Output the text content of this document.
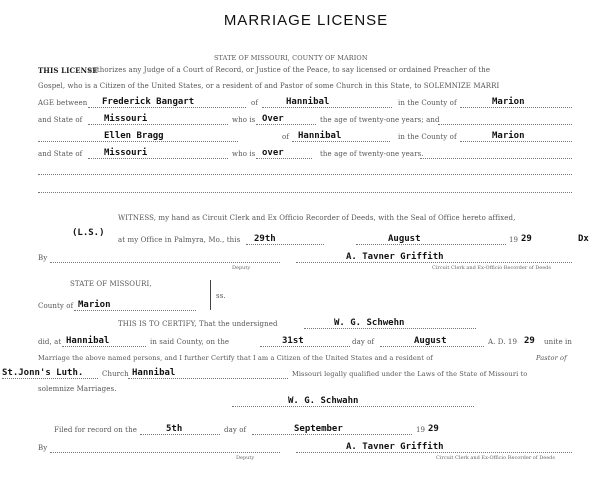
MARRIAGE LICENSE
STATE OF MISSOURI, COUNTY OF MARION
THIS LICENSE
authorizes any Judge of a Court of Record, or Justice of the Peace, to say licensed or ordained Preacher of the
Gospel, who is a Citizen of the United States, or a resident of and Pastor of some Church in this State, to SOLEMNIZE MARRI
AGE between Frederick Bangart	of	Hannibal	in the County of	Marion
and State of Missouri	who is Over	the age of twenty-one years; and
Ellen Bragg	of Hannibal	in the County of	Marion
and State of Missouri	who is over	the age of twenty-one years.
WITNESS, my hand as Circuit Clerk and Ex Officio Recorder of Deeds, with the Seal of Office hereto affixed,
(L.S.)
at my Office in Palmyra, Mo., this 29th	August	19 29	Dx
By
Deputy
A. Tavner Griffith
Circuit Clerk and Ex-Officio Recorder of Deeds
STATE OF MISSOURI,
ss.
County of Marion
THIS IS TO CERTIFY, That the undersigned	W. G. Schwehn
did, at Hannibal	in said County, on the	31st	day of	August	A. D. 19 29 unite in
Marriage the above named persons, and I further Certify that I am a Citizen of the United States and a resident of	Pastor of
St.Jonn's Luth.	Church Hannibal	Missouri legally qualified under the Laws of the State of Missouri to
solemnize Marriages.
W. G. Schwahn
Filed for record on the	5th	day of	September	19 29
By
Deputy
A. Tavner Griffith
Circuit Clerk and Ex-Officio Recorder of Deeds
